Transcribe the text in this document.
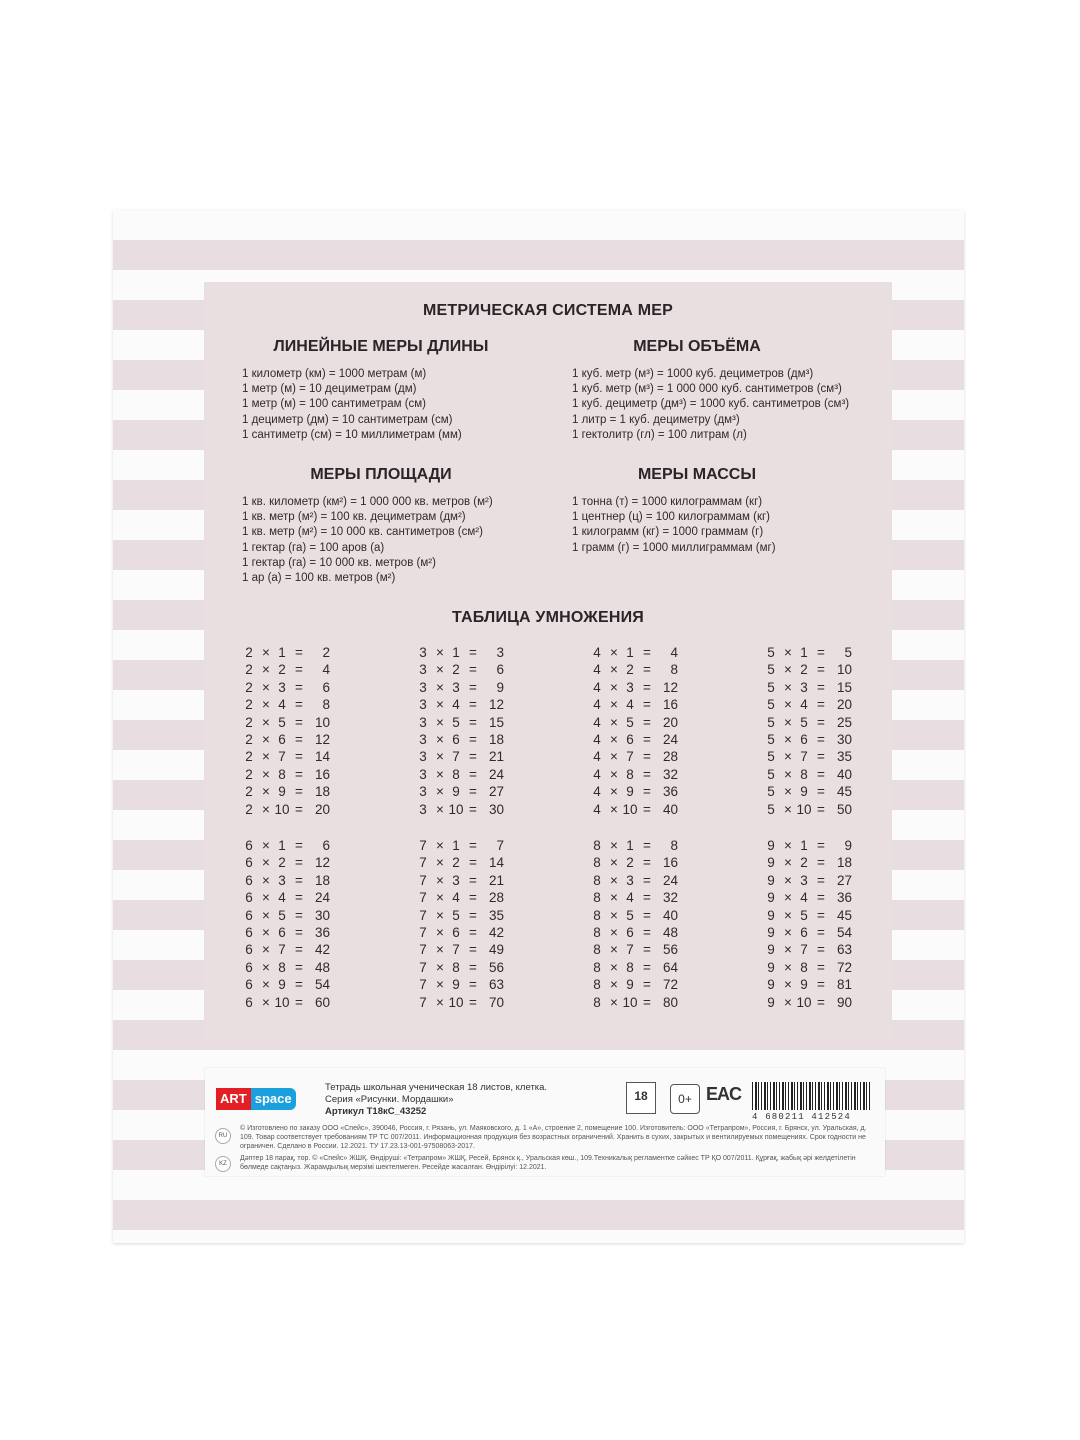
МЕТРИЧЕСКАЯ СИСТЕМА МЕР
ЛИНЕЙНЫЕ МЕРЫ ДЛИНЫ
1 километр (км) = 1000 метрам (м)
1 метр (м) = 10 дециметрам (дм)
1 метр (м) = 100 сантиметрам (см)
1 дециметр (дм) = 10 сантиметрам (см)
1 сантиметр (см) = 10 миллиметрам (мм)
МЕРЫ ОБЪЁМА
1 куб. метр (м³) = 1000 куб. дециметров (дм³)
1 куб. метр (м³) = 1 000 000 куб. сантиметров (см³)
1 куб. дециметр (дм³) = 1000 куб. сантиметров (см³)
1 литр = 1 куб. дециметру (дм³)
1 гектолитр (гл) = 100 литрам (л)
МЕРЫ ПЛОЩАДИ
1 кв. километр (км²) = 1 000 000 кв. метров (м²)
1 кв. метр (м²) = 100 кв. дециметрам (дм²)
1 кв. метр (м²) = 10 000 кв. сантиметров (см²)
1 гектар (га) = 100 аров (а)
1 гектар (га) = 10 000 кв. метров (м²)
1 ар (а) = 100 кв. метров (м²)
МЕРЫ МАССЫ
1 тонна (т) = 1000 килограммам (кг)
1 центнер (ц) = 100 килограммам (кг)
1 килограмм (кг) = 1000 граммам (г)
1 грамм (г) = 1000 миллиграммам (мг)
ТАБЛИЦА УМНОЖЕНИЯ
2 × 1 =	2
2 × 2 =	4
2 × 3 =	6
2 × 4 =	8
2 × 5 = 10
2 × 6 = 12
2 × 7 = 14
2 × 8 = 16
2 × 9 = 18
2 × 10 = 20
3 × 1 =	3
3 × 2 =	6
3 × 3 =	9
3 × 4 = 12
3 × 5 = 15
3 × 6 = 18
3 × 7 = 21
3 × 8 = 24
3 × 9 = 27
3 × 10 = 30
4 × 1 =	4
4 × 2 =	8
4 × 3 = 12
4 × 4 = 16
4 × 5 = 20
4 × 6 = 24
4 × 7 = 28
4 × 8 = 32
4 × 9 = 36
4 × 10 = 40
5 × 1 =	5
5 × 2 = 10
5 × 3 = 15
5 × 4 = 20
5 × 5 = 25
5 × 6 = 30
5 × 7 = 35
5 × 8 = 40
5 × 9 = 45
5 × 10 = 50
6 × 1 =	6
6 × 2 = 12
6 × 3 = 18
6 × 4 = 24
6 × 5 = 30
6 × 6 = 36
6 × 7 = 42
6 × 8 = 48
6 × 9 = 54
6 × 10 = 60
7 × 1 =	7
7 × 2 = 14
7 × 3 = 21
7 × 4 = 28
7 × 5 = 35
7 × 6 = 42
7 × 7 = 49
7 × 8 = 56
7 × 9 = 63
7 × 10 = 70
8 × 1 =	8
8 × 2 = 16
8 × 3 = 24
8 × 4 = 32
8 × 5 = 40
8 × 6 = 48
8 × 7 = 56
8 × 8 = 64
8 × 9 = 72
8 × 10 = 80
9 × 1 =	9
9 × 2 = 18
9 × 3 = 27
9 × 4 = 36
9 × 5 = 45
9 × 6 = 54
9 × 7 = 63
9 × 8 = 72
9 × 9 = 81
9 × 10 = 90
ART space
Тетрадь школьная ученическая 18 листов, клетка.
Серия «Рисунки. Мордашки»
Артикул Т18кС_43252
18	0+ EAC
4 680211 412524
RU
© Изготовлено по заказу ООО «Спейс», 390046, Россия, г. Рязань, ул. Маяковского, д. 1 «А», строение 2, помещение 100. Изготовитель: ООО «Тетрапром», Россия, г. Брянск, ул. Уральская, д. 109. Товар соответствует требованиям ТР ТС 007/2011. Информационная продукция без возрастных ограничений. Хранить в сухих, закрытых и вентилируемых помещениях. Срок годности не ограничен. Сделано в России. 12.2021. ТУ 17.23.13-001-97508063-2017.
KZ
Дәптер 18 парақ, тор. © «Спейс» ЖШҚ. Өндіруші: «Тетрапром» ЖШҚ, Ресей, Брянск қ., Уральская көш., 109.Техникалық регламентке сәйкес ТР ҚО 007/2011. Құрғақ, жабық әрі желдетілетін бөлмеде сақтаңыз. Жарамдылық мерзімі шектелмеген. Ресейде жасалған. Өндірілуі: 12.2021.
